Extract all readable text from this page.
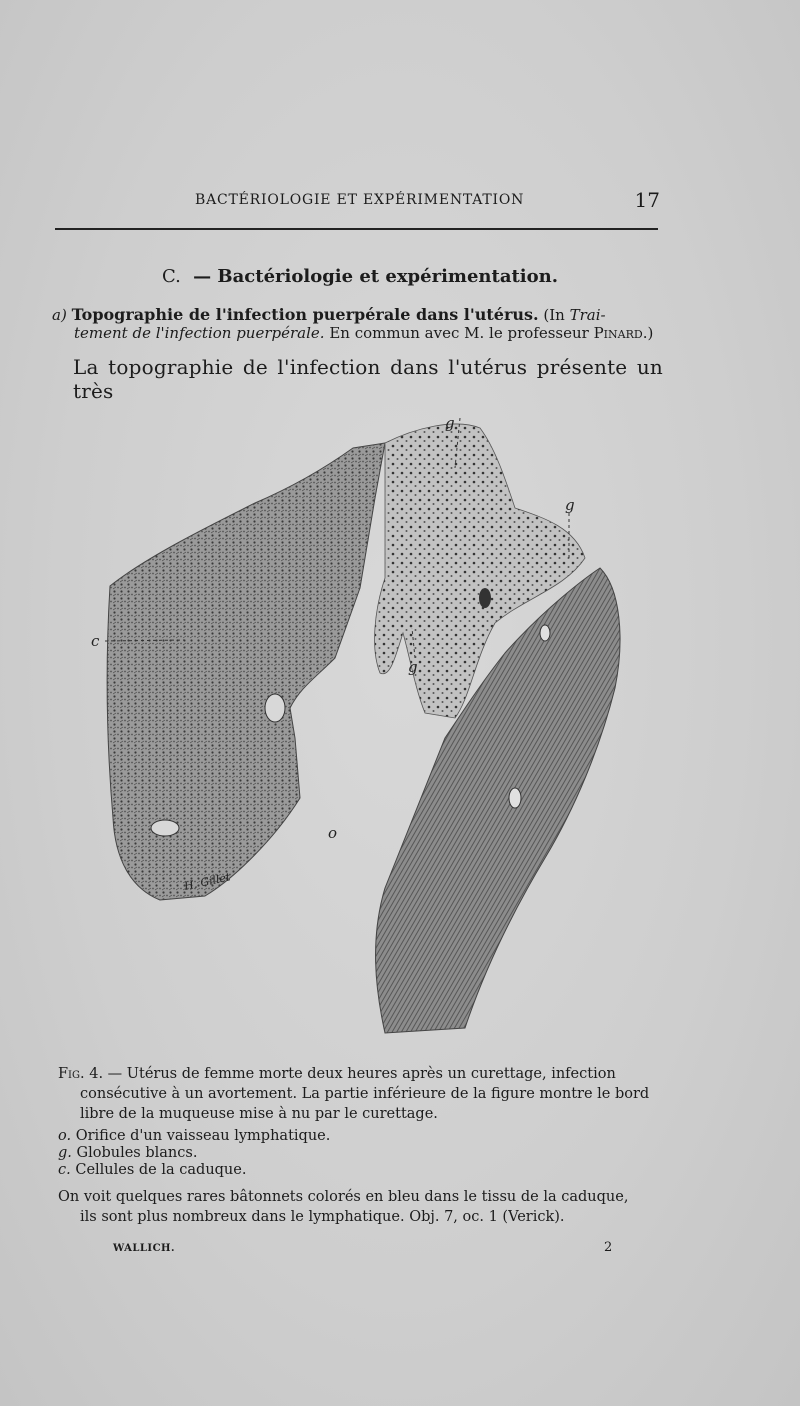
BACTÉRIOLOGIE ET EXPÉRIMENTATION	17
C. — Bactériologie et expérimentation.
a) Topographie de l'infection puerpérale dans l'utérus. (In Trai-
tement de l'infection puerpérale. En commun avec M. le professeur Pinard.)
La topographie de l'infection dans l'utérus présente un très
g
g
g
c
o
H. Gillet
Fig. 4. — Utérus de femme morte deux heures après un curettage, infection
consécutive à un avortement. La partie inférieure de la figure montre le bord
libre de la muqueuse mise à nu par le curettage.
o. Orifice d'un vaisseau lymphatique.
g. Globules blancs.
c. Cellules de la caduque.
On voit quelques rares bâtonnets colorés en bleu dans le tissu de la caduque,
ils sont plus nombreux dans le lymphatique. Obj. 7, oc. 1 (Verick).
WALLICH.	2
